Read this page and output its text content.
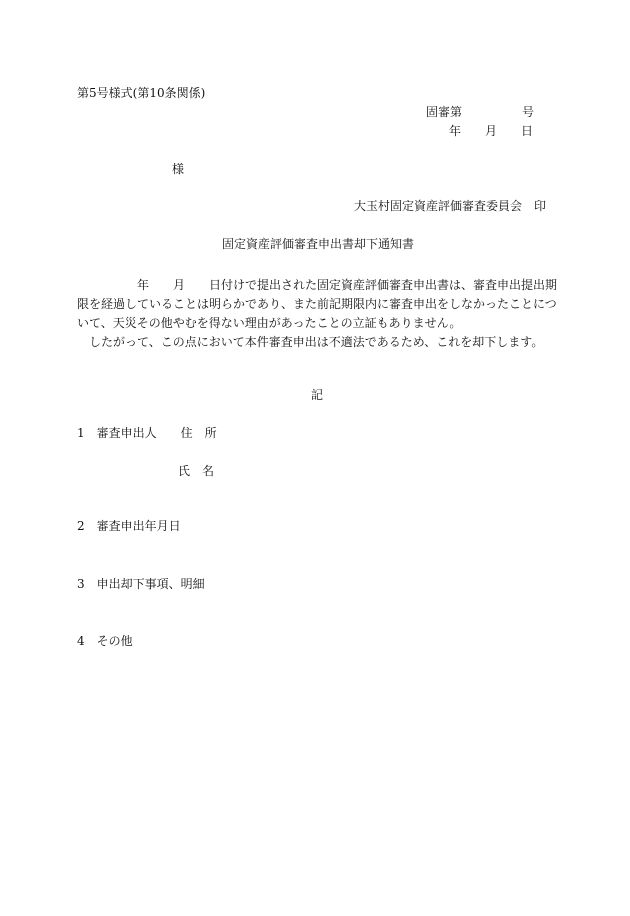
第5号様式(第10条関係)
固審第　　　　　号
年　　月　　日
様
大玉村固定資産評価審査委員会　印
固定資産評価審査申出書却下通知書

　　　　　年　　月　　日付けで提出された固定資産評価審査申出書は、審査申出提出期

限を経過していることは明らかであり、また前記期限内に審査申出をしなかったことにつ

いて、天災その他やむを得ない理由があったことの立証もありません。

　したがって、この点において本件審査申出は不適法であるため、これを却下します。

記
1　審査申出人　　住　所
氏　名
2　審査申出年月日
3　申出却下事項、明細
4　その他
